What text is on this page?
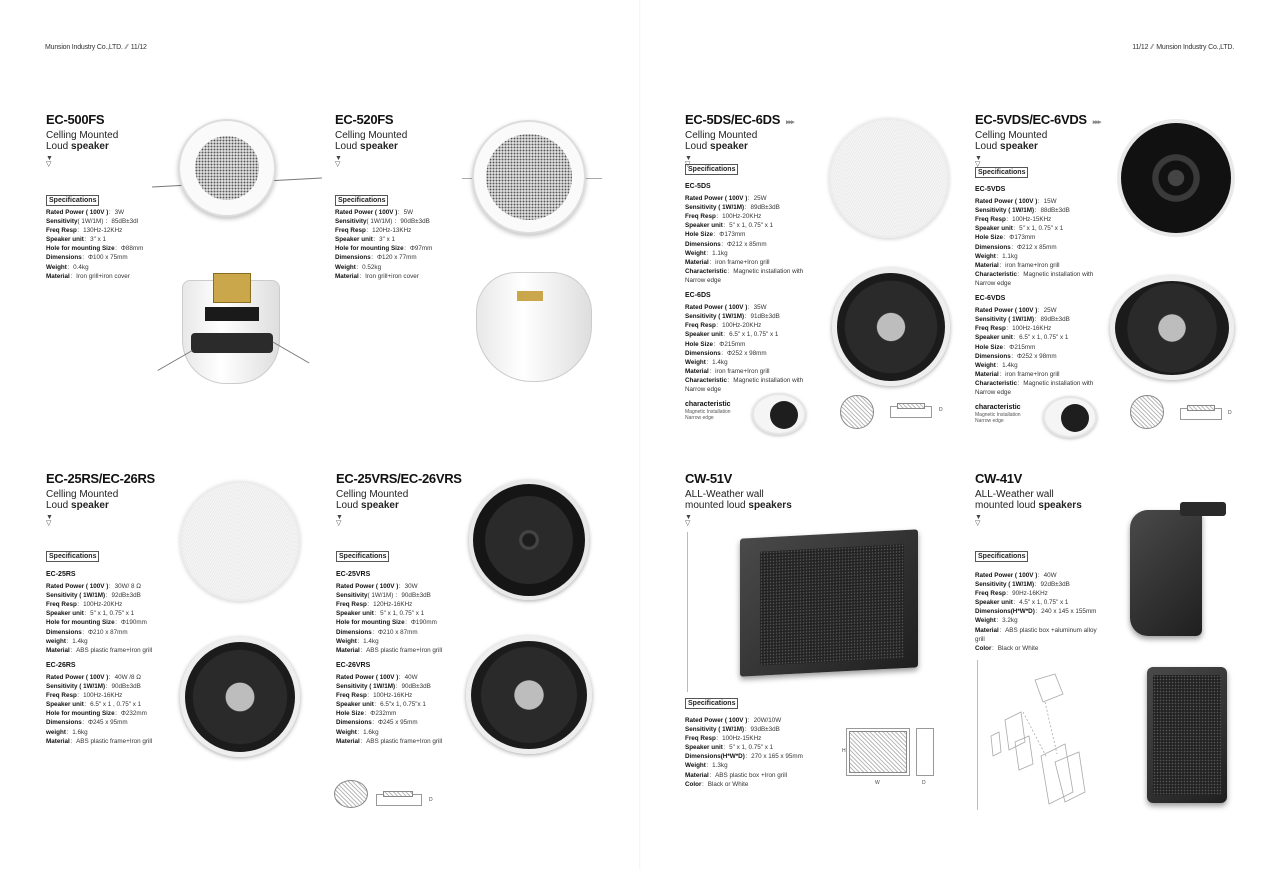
Munsion Industry Co.,LTD. ⁄⁄ 11/12	11/12 ⁄⁄ Munsion Industry Co.,LTD.
EC-500FS
Celling Mounted
Loud speaker
▼
▽
Specifications
Rated Power ( 100V )：3W
Sensitivity( 1W/1M) ：85dB±3dl
Freq Resp：130Hz-12KHz
Speaker unit：3" x 1
Hole for mounting Size：Φ88mm
Dimensions：Φ100 x 75mm
Weight：0.4kg
Material：Iron grill+iron cover
EC-520FS
Celling Mounted
Loud speaker
▼
▽
Specifications
Rated Power ( 100V )：5W
Sensitivity( 1W/1M) ：90dB±3dB
Freq Resp：120Hz-13KHz
Speaker unit：3" x 1
Hole for mounting Size：Φ97mm
Dimensions：Φ120 x 77mm
Weight：0.52kg
Material：Iron grill+iron cover
EC-5DS/EC-6DS ▸▸▸
Celling Mounted
Loud speaker
▼
▽
Specifications
EC-5DS
Rated Power ( 100V )：25W
Sensitivity ( 1W/1M)：89dB±3dB
Freq Resp：100Hz-20KHz
Speaker unit：5" x 1, 0.75" x 1
Hole Size：Φ173mm
Dimensions：Φ212 x 85mm
Weight：1.1kg
Material：iron frame+Iron grill
Characteristic：Magnetic installation with
Narrow edge
EC-6DS
Rated Power ( 100V )：35W
Sensitivity ( 1W/1M)：91dB±3dB
Freq Resp：100Hz-20KHz
Speaker unit：6.5" x 1, 0.75" x 1
Hole Size：Φ215mm
Dimensions：Φ252 x 98mm
Weight：1.4kg
Material：iron frame+Iron grill
Characteristic：Magnetic installation with
Narrow edge
characteristic
Magnetic Installation
Narrow edge
D
EC-5VDS/EC-6VDS ▸▸▸
Celling Mounted
Loud speaker
▼
▽
Specifications
EC-5VDS
Rated Power ( 100V )：15W
Sensitivity ( 1W/1M)：88dB±3dB
Freq Resp：100Hz-15KHz
Speaker unit：5" x 1, 0.75" x 1
Hole Size：Φ173mm
Dimensions：Φ212 x 85mm
Weight：1.1kg
Material：iron frame+Iron grill
Characteristic：Magnetic installation with
Narrow edge
EC-6VDS
Rated Power ( 100V )：25W
Sensitivity ( 1W/1M)：89dB±3dB
Freq Resp：100Hz-16KHz
Speaker unit：6.5" x 1, 0.75" x 1
Hole Size：Φ215mm
Dimensions：Φ252 x 98mm
Weight：1.4kg
Material：iron frame+Iron grill
Characteristic：Magnetic installation with
Narrow edge
characteristic
Magnetic Installation
Narrow edge
D
EC-25RS/EC-26RS
Celling Mounted
Loud speaker
▼
▽
Specifications
EC-25RS
Rated Power ( 100V )：30W/ 8 Ω
Sensitivity ( 1W/1M)：92dB±3dB
Freq Resp：100Hz-20KHz
Speaker unit：5" x 1, 0.75" x 1
Hole for mounting Size：Φ190mm
Dimensions：Φ210 x 87mm
weight：1.4kg
Material：ABS plastic frame+Iron grill
EC-26RS
Rated Power ( 100V )：40W /8 Ω
Sensitivity ( 1W/1M)：90dB±3dB
Freq Resp：100Hz-16KHz
Speaker unit：6.5" x 1 , 0.75" x 1
Hole for mounting Size：Φ232mm
Dimensions：Φ245 x 95mm
weight：1.6kg
Material：ABS plastic frame+Iron grill
EC-25VRS/EC-26VRS
Celling Mounted
Loud speaker
▼
▽
Specifications
EC-25VRS
Rated Power ( 100V )：30W
Sensitivity( 1W/1M) ：90dB±3dB
Freq Resp：120Hz-16KHz
Speaker unit：5" x 1, 0.75" x 1
Hole for mounting Size：Φ190mm
Dimensions：Φ210 x 87mm
Weight：1.4kg
Material：ABS plastic frame+Iron grill
EC-26VRS
Rated Power ( 100V )：40W
Sensitivity ( 1W/1M)：90dB±3dB
Freq Resp：100Hz-16KHz
Speaker unit：6.5"x 1, 0.75"x 1
Hole Size：Φ232mm
Dimensions：Φ245 x 95mm
Weight：1.6kg
Material：ABS plastic frame+Iron grill
D
CW-51V
ALL-Weather wall
mounted loud speakers
▼
▽
Specifications
Rated Power ( 100V )：20W/10W
Sensitivity ( 1W/1M)：93dB±3dB
Freq Resp：100Hz-15KHz
Speaker unit：5" x 1, 0.75" x 1
Dimensions(H*W*D)：270 x 165 x 95mm
Weight：1.3kg
Material：ABS plastic box +Iron grill
Color：Black or White
H
W	D
CW-41V
ALL-Weather wall
mounted loud speakers
▼
▽
Specifications
Rated Power ( 100V )：40W
Sensitivity ( 1W/1M)：92dB±3dB
Freq Resp：90Hz-16KHz
Speaker unit：4.5" x 1, 0.75" x 1
Dimensions(H*W*D)：240 x 145 x 155mm
Weight：3.2kg
Material：ABS plastic box +aluminum alloy
grill
Color：Black or White
